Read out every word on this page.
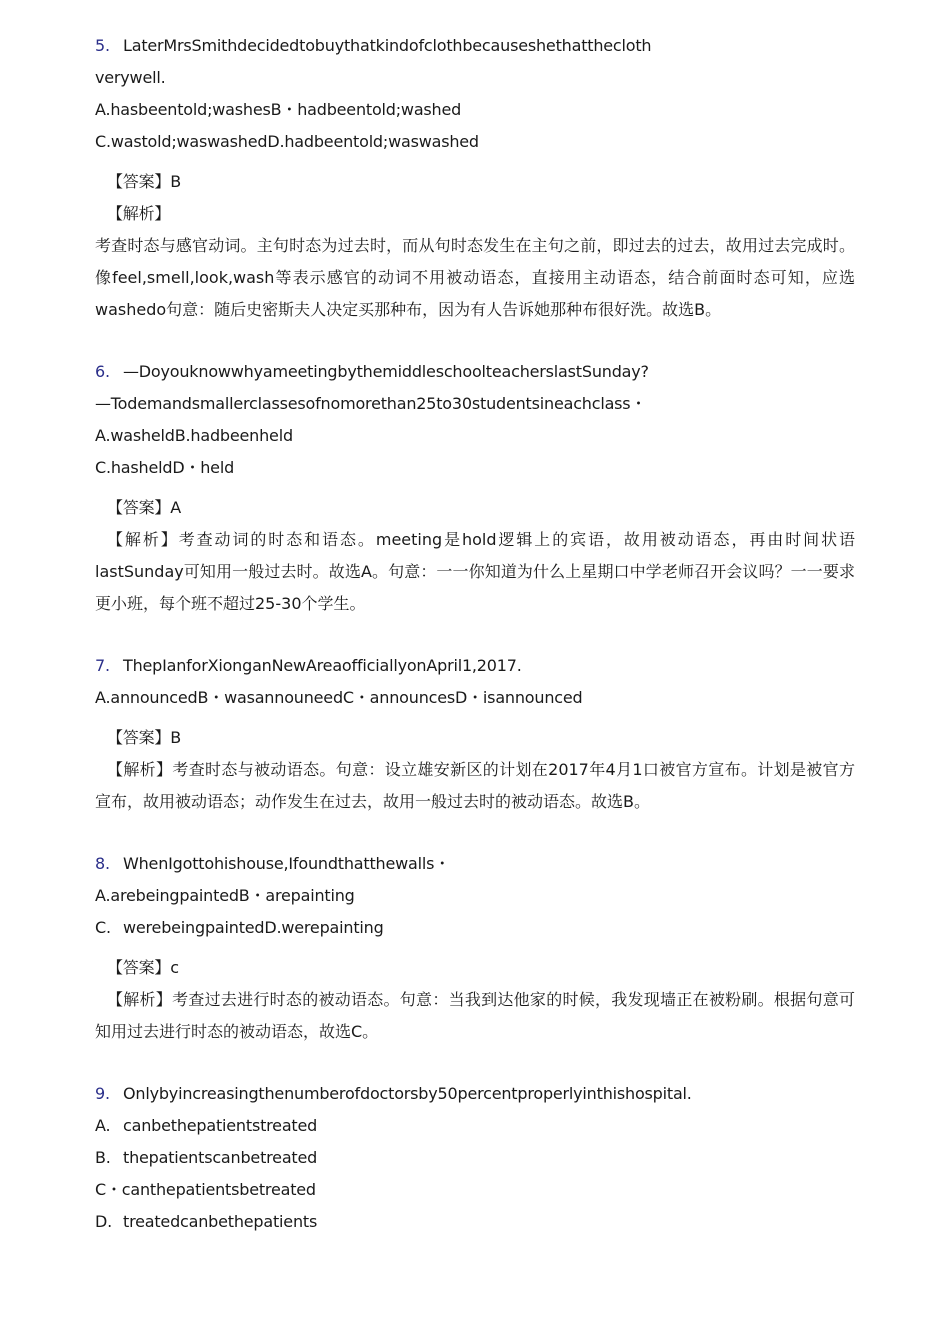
5. LaterMrsSmithdecidedtobuythatkindofclothbecauseshethatthecloth
verywell.
A.hasbeentold;washesB・hadbeentold;washed
C.wastold;waswashedD.hadbeentold;waswashed
【答案】B
【解析】
考查时态与感官动词。主句时态为过去时，而从句时态发生在主句之前，即过去的过去，故用过去完成时。像feel,smell,look,wash等表示感官的动词不用被动语态，直接用主动语态，结合前面时态可知，应选washedo句意：随后史密斯夫人决定买那种布，因为有人告诉她那种布很好洗。故选B。
6. —DoyouknowwhyameetingbythemiddleschoolteacherslastSunday?
—Todemandsmallerclassesofnomorethan25to30studentsineachclass・
A.washeldB.hadbeenheld
C.hasheldD・held
【答案】A
【解析】考查动词的时态和语态。meeting是hold逻辑上的宾语，故用被动语态，再由时间状语lastSunday可知用一般过去时。故选A。句意：一一你知道为什么上星期口中学老师召开会议吗？一一要求更小班，每个班不超过25-30个学生。
7. ThepIanforXionganNewAreaofficiallyonApril1,2017.
A.announcedB・wasannouneedC・announcesD・isannounced
【答案】B
【解析】考查时态与被动语态。句意：设立雄安新区的计划在2017年4月1口被官方宣布。计划是被官方宣布，故用被动语态；动作发生在过去，故用一般过去时的被动语态。故选B。
8. WhenIgottohishouse,Ifoundthatthewalls・
A.arebeingpaintedB・arepainting
C. werebeingpaintedD.werepainting
【答案】c
【解析】考查过去进行时态的被动语态。句意：当我到达他家的时候，我发现墙正在被粉刷。根据句意可知用过去进行时态的被动语态，故选C。
9. Onlybyincreasingthenumberofdoctorsby50percentproperlyinthishospital.
A. canbethepatientstreated
B. thepatientscanbetreated
C・canthepatientsbetreated
D. treatedcanbethepatients
